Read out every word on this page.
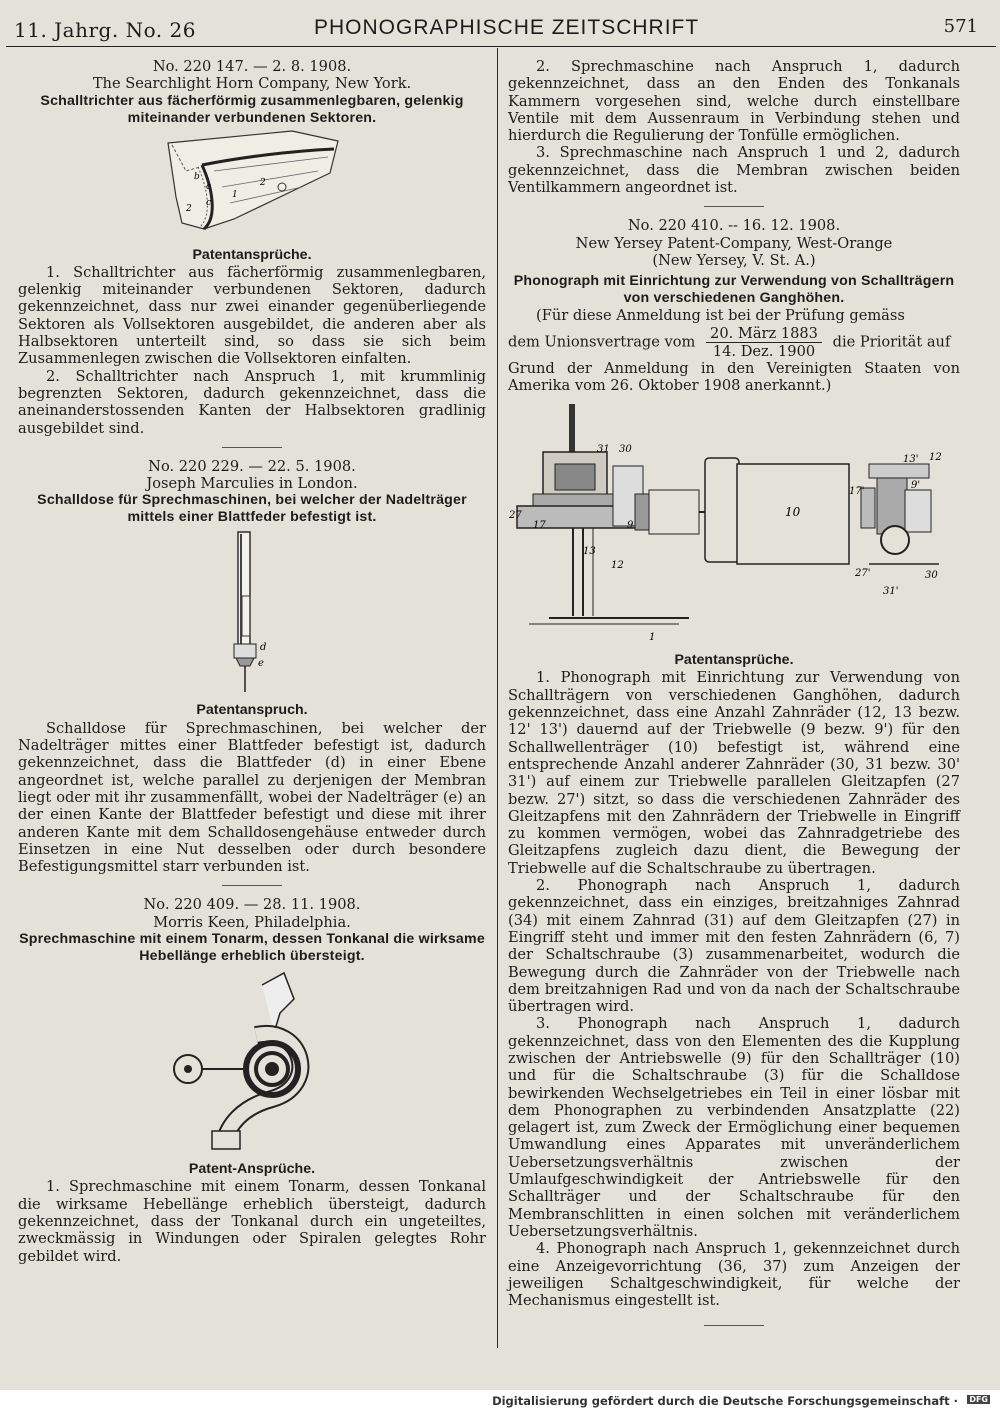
11. Jahrg. No. 26	PHONOGRAPHISCHE ZEITSCHRIFT	571

No. 220 147. — 2. 8. 1908.

The Searchlight Horn Company, New York.

Schalltrichter aus fächerförmig zusammenlegbaren, gelenkig miteinander verbundenen Sektoren.

b
c
c
1
2
2

Patentansprüche.

1. Schalltrichter aus fächerförmig zusammenlegbaren, gelenkig miteinander verbundenen Sektoren, dadurch gekennzeichnet, dass nur zwei einander gegenüberliegende Sektoren als Vollsektoren ausgebildet, die anderen aber als Halbsektoren unterteilt sind, so dass sie sich beim Zusammenlegen zwischen die Vollsektoren einfalten.

2. Schalltrichter nach Anspruch 1, mit krummlinig begrenzten Sektoren, dadurch gekennzeichnet, dass die aneinanderstossenden Kanten der Halbsektoren gradlinig ausgebildet sind.

No. 220 229. — 22. 5. 1908.

Joseph Marculies in London.

Schalldose für Sprechmaschinen, bei welcher der Nadelträger mittels einer Blattfeder befestigt ist.

d
e

Patentanspruch.

Schalldose für Sprechmaschinen, bei welcher der Nadelträger mittes einer Blattfeder befestigt ist, dadurch gekennzeichnet, dass die Blattfeder (d) in einer Ebene angeordnet ist, welche parallel zu derjenigen der Membran liegt oder mit ihr zusammenfällt, wobei der Nadelträger (e) an der einen Kante der Blattfeder befestigt und diese mit ihrer anderen Kante mit dem Schalldosengehäuse entweder durch Einsetzen in eine Nut desselben oder durch besondere Befestigungsmittel starr verbunden ist.

No. 220 409. — 28. 11. 1908.

Morris Keen, Philadelphia.

Sprechmaschine mit einem Tonarm, dessen Tonkanal die wirksame Hebellänge erheblich übersteigt.

Patent-Ansprüche.

1. Sprechmaschine mit einem Tonarm, dessen Tonkanal die wirksame Hebellänge erheblich übersteigt, dadurch gekennzeichnet, dass der Tonkanal durch ein ungeteiltes, zweckmässig in Windungen oder Spiralen gelegtes Rohr gebildet wird.

2. Sprechmaschine nach Anspruch 1, dadurch gekennzeichnet, dass an den Enden des Tonkanals Kammern vorgesehen sind, welche durch einstellbare Ventile mit dem Aussenraum in Verbindung stehen und hierdurch die Regulierung der Tonfülle ermöglichen.

3. Sprechmaschine nach Anspruch 1 und 2, dadurch gekennzeichnet, dass die Membran zwischen beiden Ventilkammern angeordnet ist.

No. 220 410. -- 16. 12. 1908.

New Yersey Patent-Company, West-Orange

(New Yersey, V. St. A.)

Phonograph mit Einrichtung zur Verwendung von Schallträgern von verschiedenen Ganghöhen.

(Für diese Anmeldung ist bei der Prüfung gemäss

dem Unionsvertrage vom $\frac{\text{20. März 1883}}{\text{14. Dez. 1900}}$ die Priorität auf

Grund der Anmeldung in den Vereinigten Staaten von Amerika vom 26. Oktober 1908 anerkannt.)

31 30
27
17	9
10
13
12
1
13' 12
17'
9'
27'	30
31'

Patentansprüche.

1. Phonograph mit Einrichtung zur Verwendung von Schallträgern von verschiedenen Ganghöhen, dadurch gekennzeichnet, dass eine Anzahl Zahnräder (12, 13 bezw. 12' 13') dauernd auf der Triebwelle (9 bezw. 9') für den Schallwellenträger (10) befestigt ist, während eine entsprechende Anzahl anderer Zahnräder (30, 31 bezw. 30' 31') auf einem zur Triebwelle parallelen Gleitzapfen (27 bezw. 27') sitzt, so dass die verschiedenen Zahnräder des Gleitzapfens mit den Zahnrädern der Triebwelle in Eingriff zu kommen vermögen, wobei das Zahnradgetriebe des Gleitzapfens zugleich dazu dient, die Bewegung der Triebwelle auf die Schaltschraube zu übertragen.

2. Phonograph nach Anspruch 1, dadurch gekennzeichnet, dass ein einziges, breitzahniges Zahnrad (34) mit einem Zahnrad (31) auf dem Gleitzapfen (27) in Eingriff steht und immer mit den festen Zahnrädern (6, 7) der Schaltschraube (3) zusammenarbeitet, wodurch die Bewegung durch die Zahnräder von der Triebwelle nach dem breitzahnigen Rad und von da nach der Schaltschraube übertragen wird.

3. Phonograph nach Anspruch 1, dadurch gekennzeichnet, dass von den Elementen des die Kupplung zwischen der Antriebswelle (9) für den Schallträger (10) und für die Schaltschraube (3) für die Schalldose bewirkenden Wechselgetriebes ein Teil in einer lösbar mit dem Phonographen zu verbindenden Ansatzplatte (22) gelagert ist, zum Zweck der Ermöglichung einer bequemen Umwandlung eines Apparates mit unveränderlichem Uebersetzungsverhältnis zwischen der Umlaufgeschwindigkeit der Antriebswelle für den Schallträger und der Schaltschraube für den Membranschlitten in einen solchen mit veränderlichem Uebersetzungsverhältnis.

4. Phonograph nach Anspruch 1, gekennzeichnet durch eine Anzeigevorrichtung (36, 37) zum Anzeigen der jeweiligen Schaltgeschwindigkeit, für welche der Mechanismus eingestellt ist.

Digitalisierung gefördert durch die Deutsche Forschungsgemeinschaft · DFG
